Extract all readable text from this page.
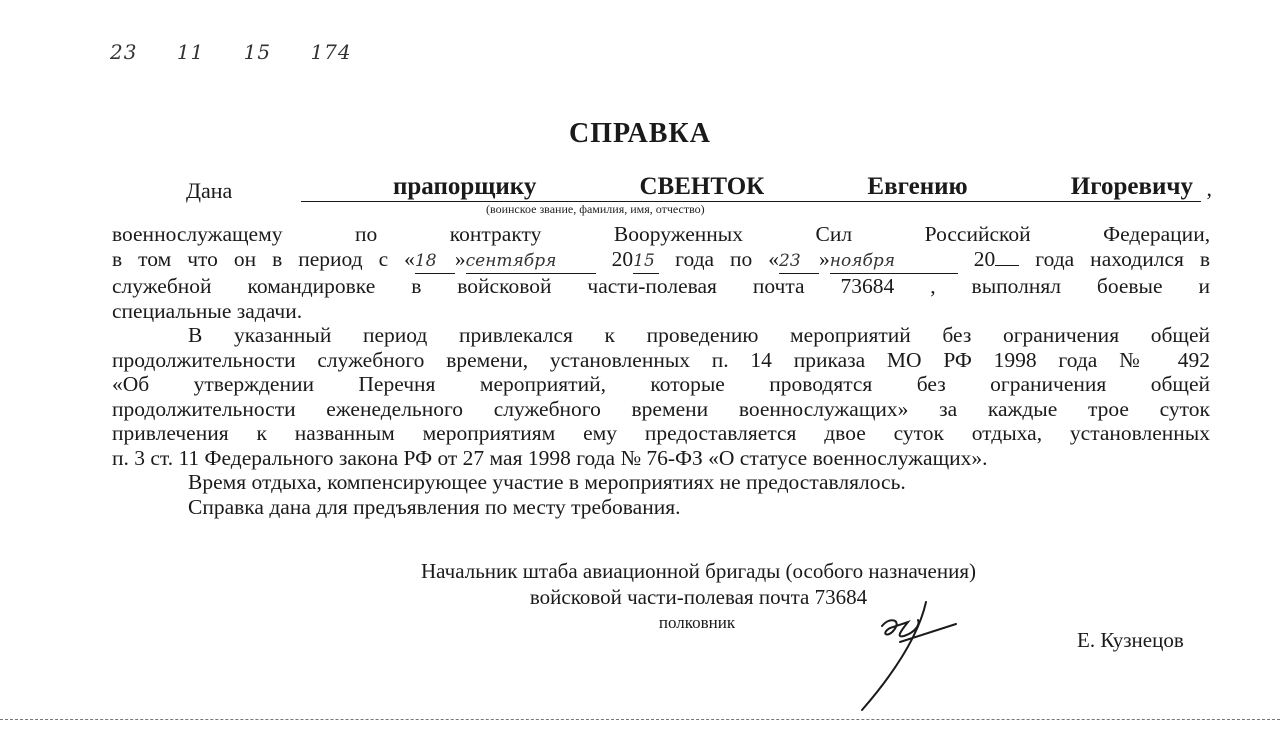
23 11 15 174
СПРАВКА
Дана	прапорщику	СВЕНТОК	Евгению	Игоревичу ,
(воинское звание, фамилия, имя, отчество)

военнослужащему	по	контракту	Вооруженных	Сил	Российской	Федерации,
в том что он в период с «18 »сентября	2015 года по «23 »ноября	20 года находился в
служебной командировке в войсковой части-полевая почта 73684 , выполнял боевые и
специальные задачи.

В указанный период привлекался к проведению мероприятий без ограничения общей
продолжительности служебного времени, установленных п. 14 приказа МО РФ 1998 года № 492
«Об утверждении Перечня мероприятий, которые проводятся без ограничения общей
продолжительности еженедельного служебного времени военнослужащих» за каждые трое суток
привлечения к названным мероприятиям ему предоставляется двое суток отдыха, установленных
п. 3 ст. 11 Федерального закона РФ от 27 мая 1998 года № 76-ФЗ «О статусе военнослужащих».

Время отдыха, компенсирующее участие в мероприятиях не предоставлялось.

Справка дана для предъявления по месту требования.

Начальник штаба авиационной бригады (особого назначения)
войсковой части-полевая почта 73684
полковник
Е. Кузнецов
